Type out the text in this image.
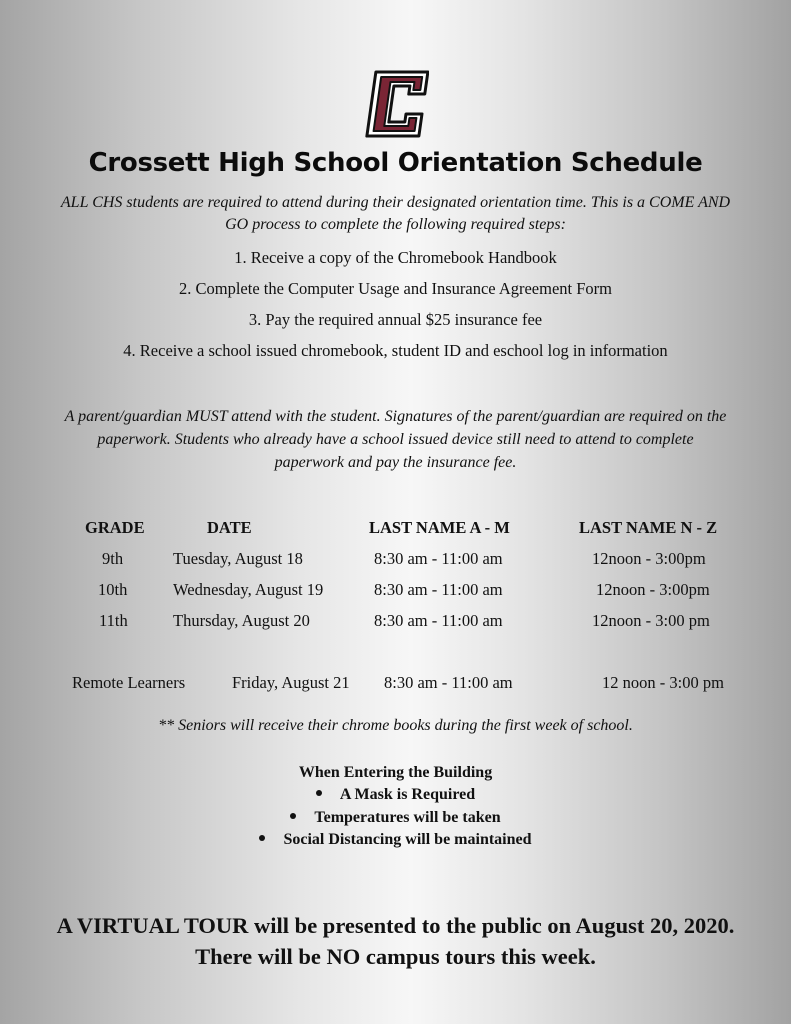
Crossett High School Orientation Schedule
ALL CHS students are required to attend during their designated orientation time. This is a COME AND GO process to complete the following required steps:
1. Receive a copy of the Chromebook Handbook
2. Complete the Computer Usage and Insurance Agreement Form
3. Pay the required annual $25 insurance fee
4. Receive a school issued chromebook, student ID and eschool log in information
A parent/guardian MUST attend with the student. Signatures of the parent/guardian are required on the paperwork. Students who already have a school issued device still need to attend to complete paperwork and pay the insurance fee.
GRADE	DATE	LAST NAME A - M	LAST NAME N - Z
9th	Tuesday, August 18	8:30 am - 11:00 am	12noon - 3:00pm
10th	Wednesday, August 19	8:30 am - 11:00 am	12noon - 3:00pm
11th	Thursday, August 20	8:30 am - 11:00 am	12noon - 3:00 pm
Remote Learners	Friday, August 21 8:30 am - 11:00 am	12 noon - 3:00 pm
** Seniors will receive their chrome books during the first week of school.
When Entering the Building
A Mask is Required
Temperatures will be taken
Social Distancing will be maintained
A VIRTUAL TOUR will be presented to the public on August 20, 2020. There will be NO campus tours this week.
